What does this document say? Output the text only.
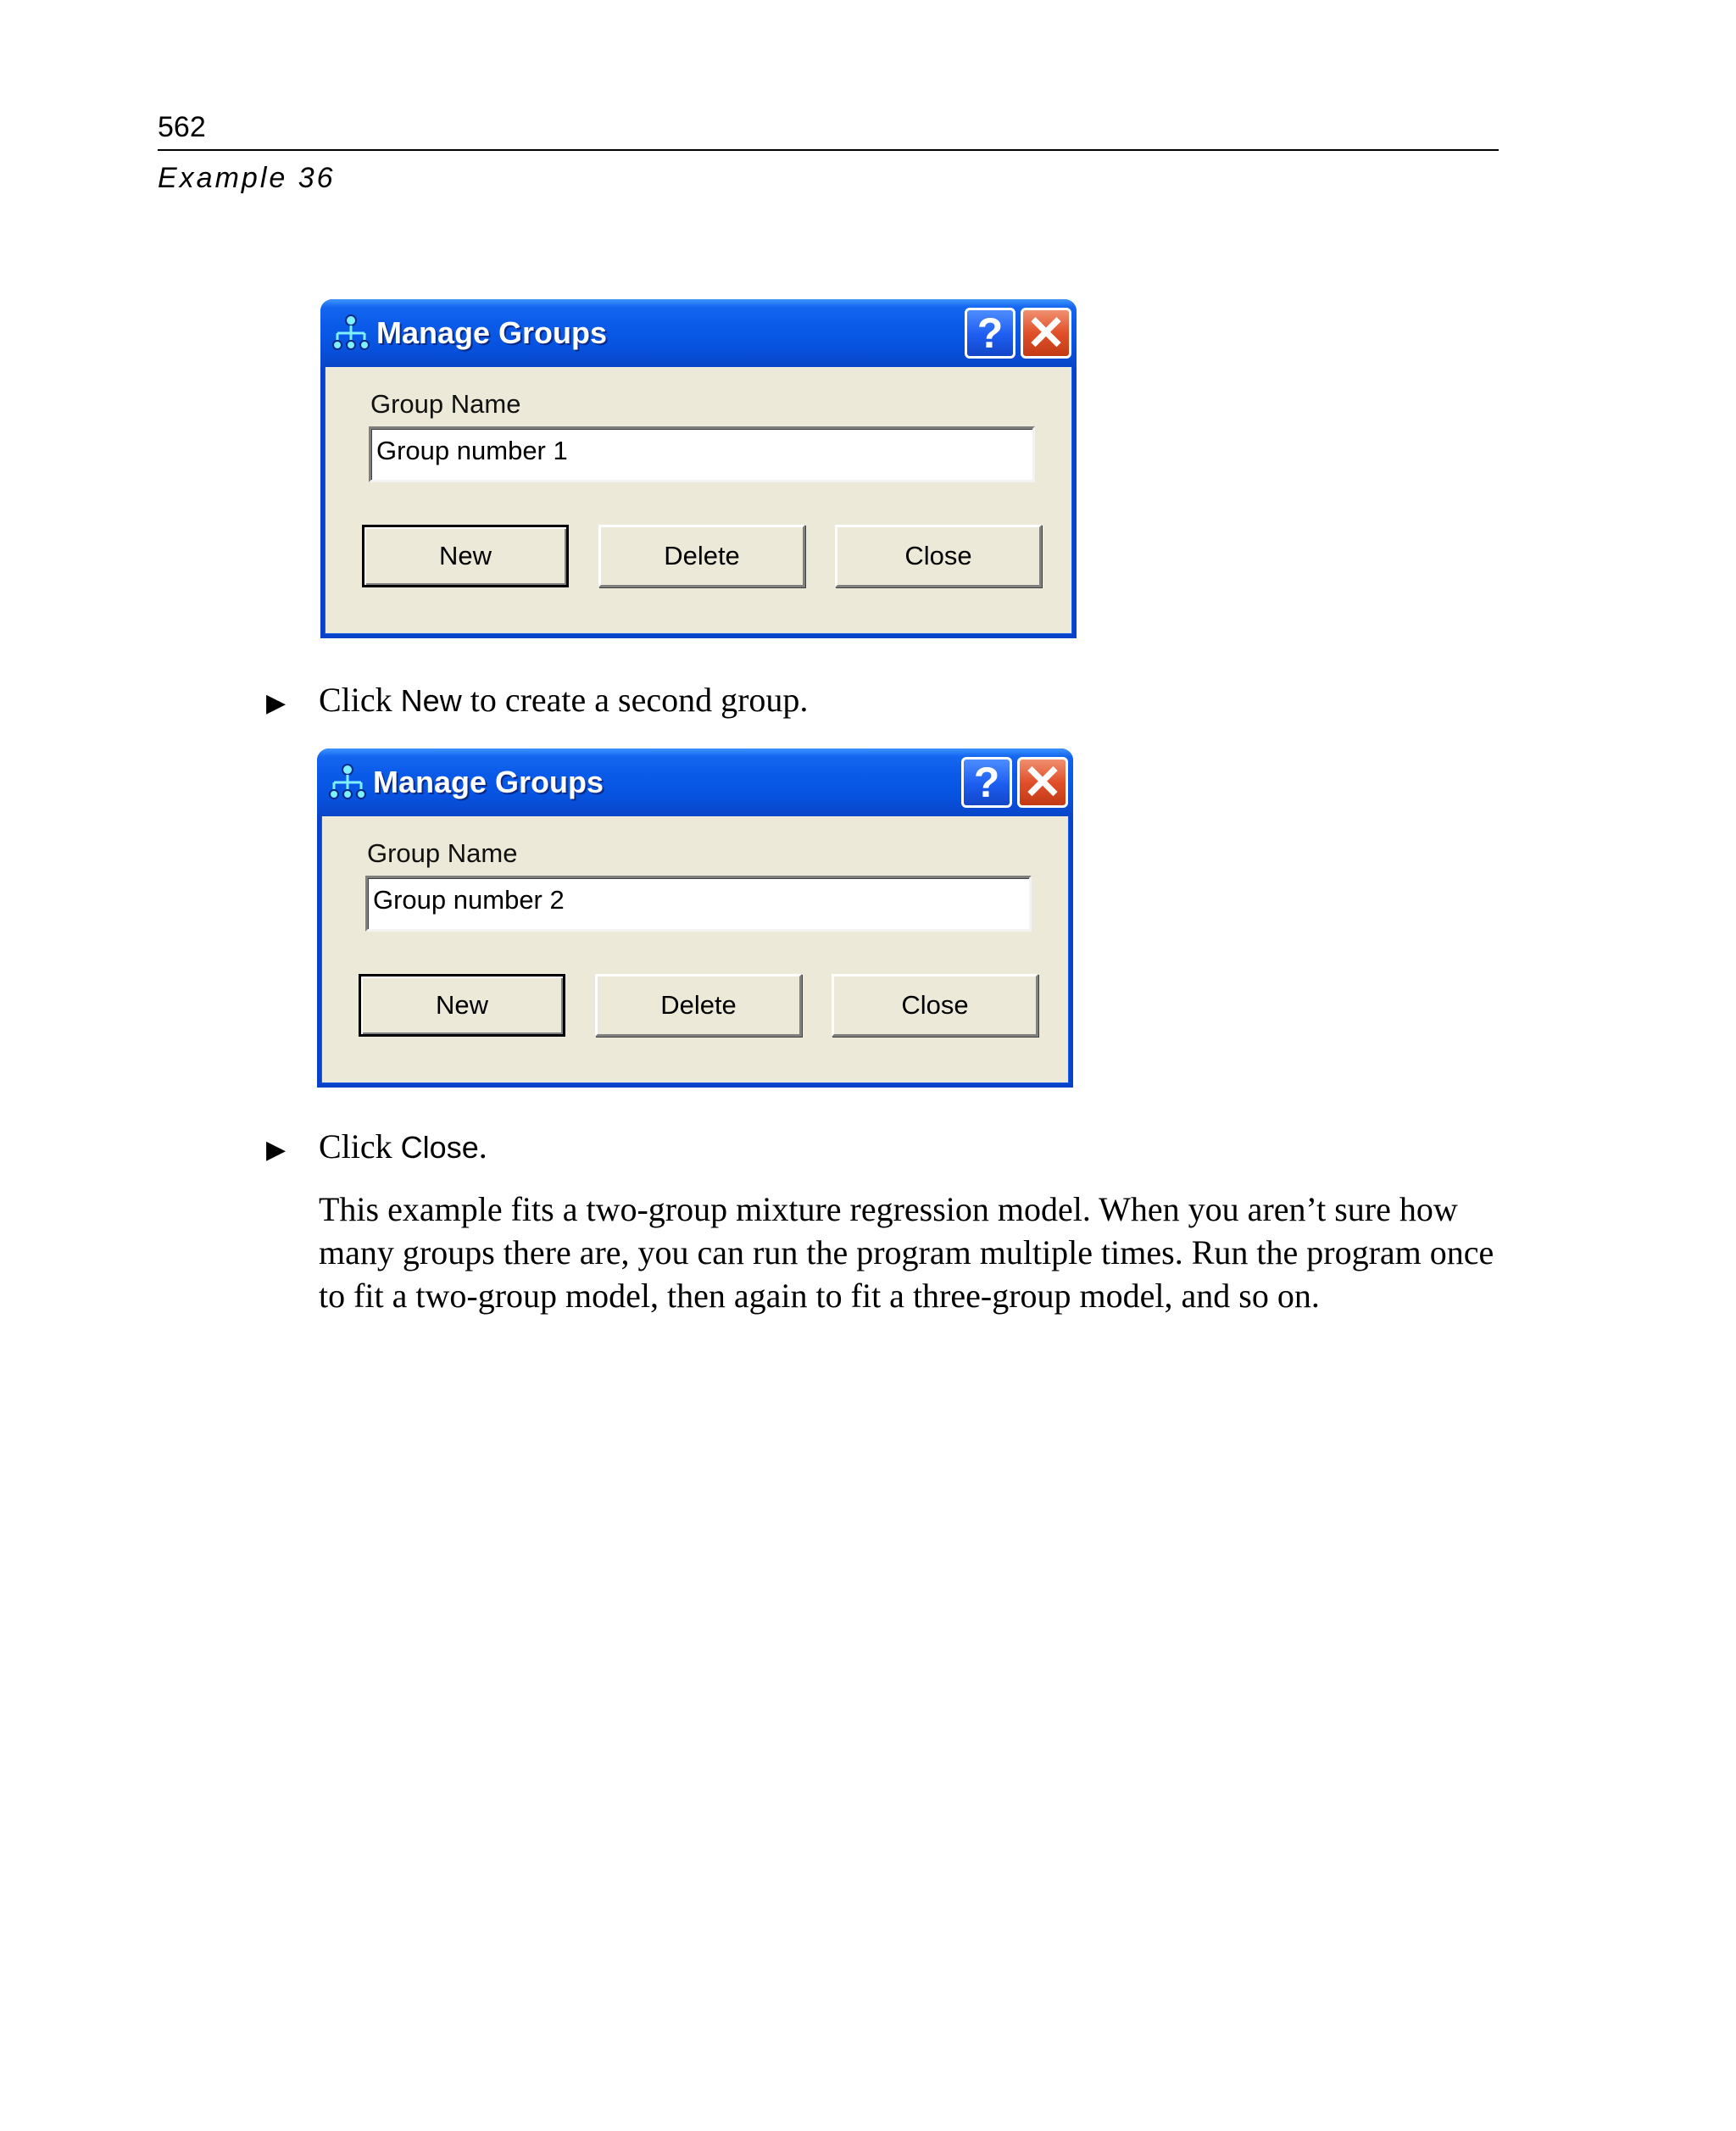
562
Example 36
Manage Groups	? ✕
Group Name
Group number 1
New	Delete	Close
▶ Click New to create a second group.
Manage Groups	? ✕
Group Name
Group number 2
New	Delete	Close
▶ Click Close.
This example fits a two-group mixture regression model. When you aren’t sure how
many groups there are, you can run the program multiple times. Run the program once
to fit a two-group model, then again to fit a three-group model, and so on.
